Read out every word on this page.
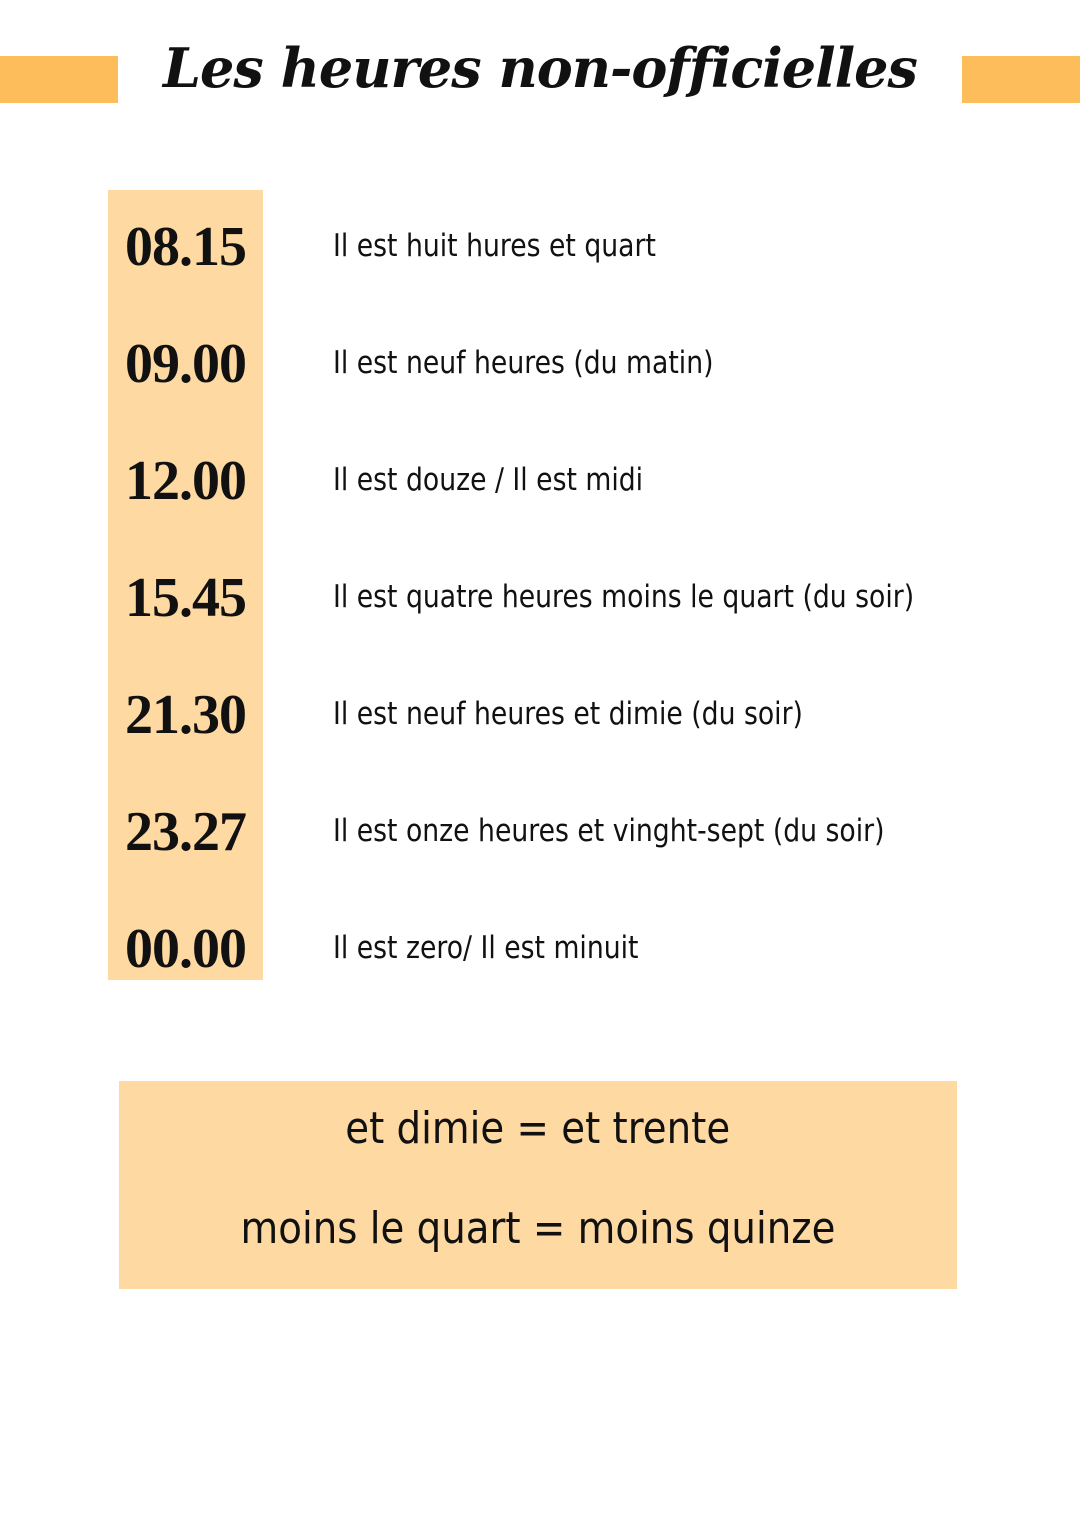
Les heures non-officielles
08.15	Il est huit hures et quart
09.00	Il est neuf heures (du matin)
12.00	Il est douze / Il est midi
15.45	Il est quatre heures moins le quart (du soir)
21.30	Il est neuf heures et dimie (du soir)
23.27	Il est onze heures et vinght-sept (du soir)
00.00	Il est zero/ Il est minuit
et dimie = et trente
moins le quart = moins quinze
